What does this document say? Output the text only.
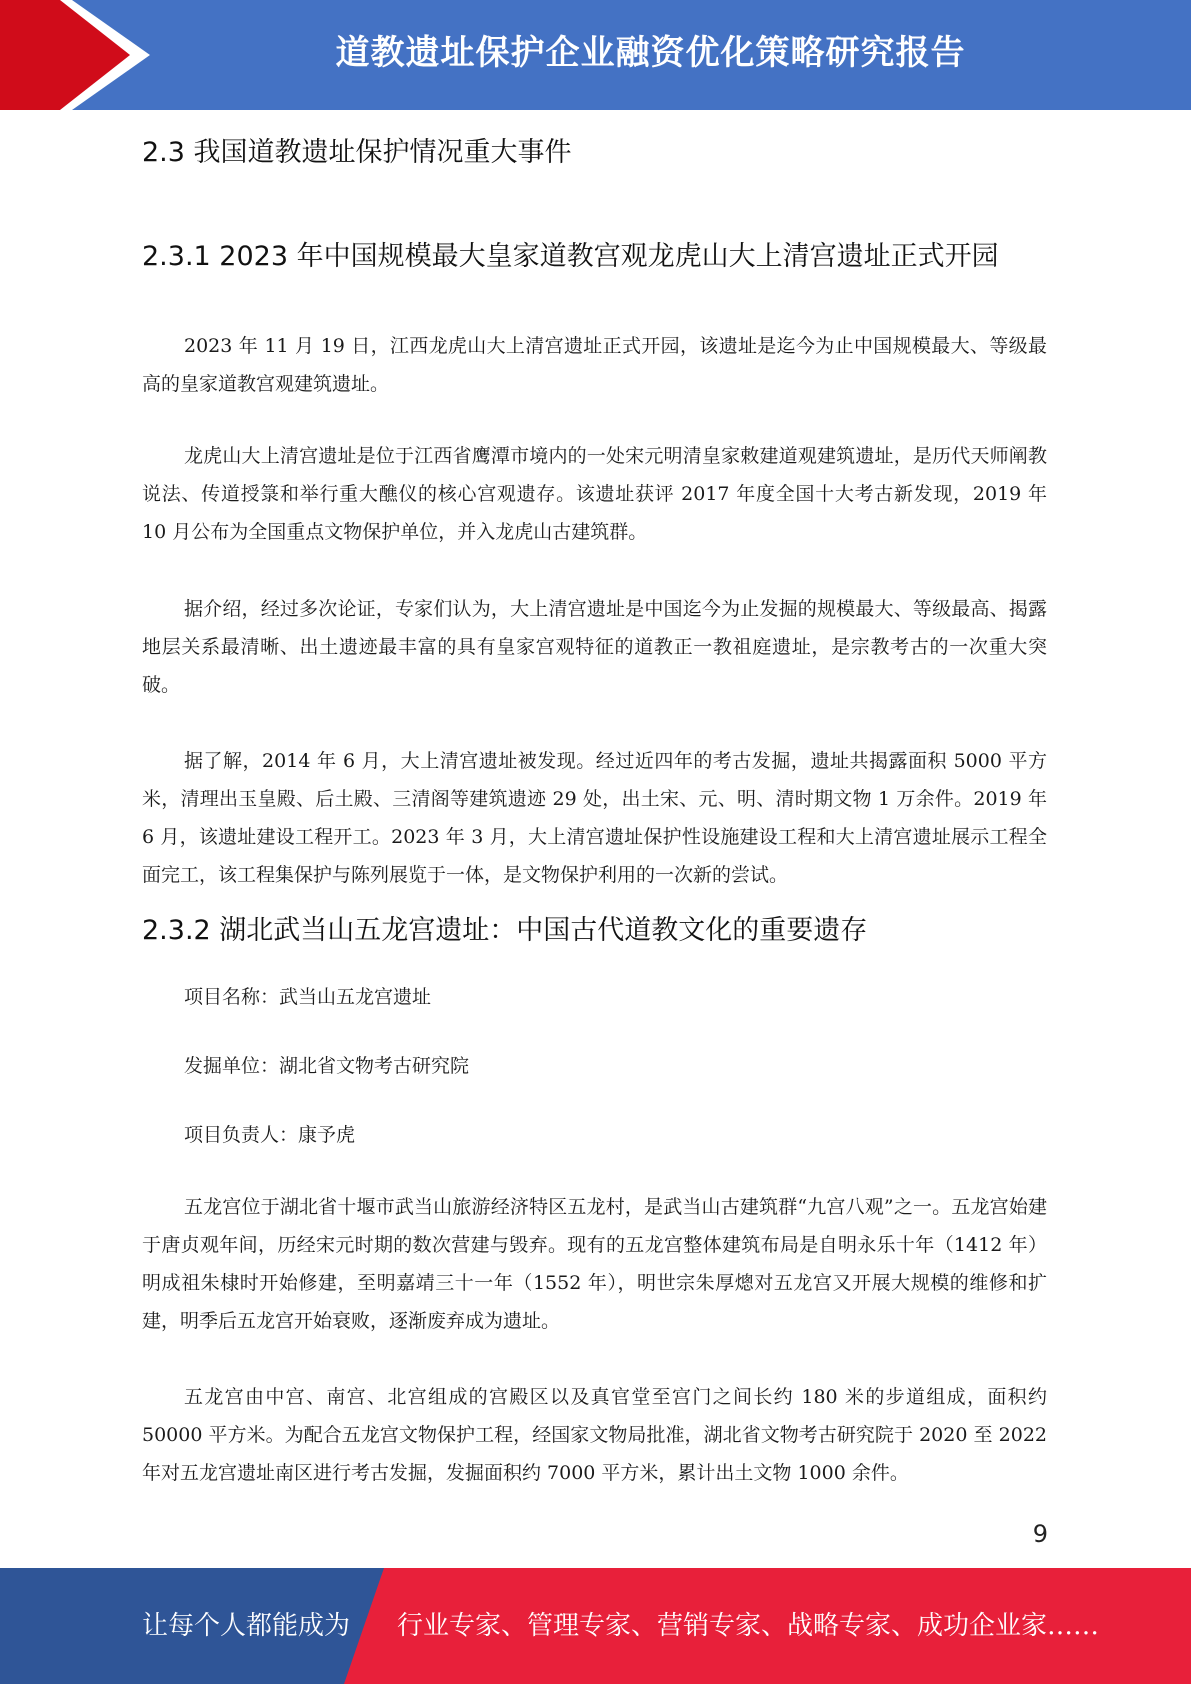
道教遗址保护企业融资优化策略研究报告
2.3 我国道教遗址保护情况重大事件
2.3.1 2023 年中国规模最大皇家道教宫观龙虎山大上清宫遗址正式开园

2023 年 11 月 19 日，江西龙虎山大上清宫遗址正式开园，该遗址是迄今为止中国规模最大、等级最高的皇家道教宫观建筑遗址。

龙虎山大上清宫遗址是位于江西省鹰潭市境内的一处宋元明清皇家敕建道观建筑遗址，是历代天师阐教说法、传道授箓和举行重大醮仪的核心宫观遗存。该遗址获评 2017 年度全国十大考古新发现，2019 年 10 月公布为全国重点文物保护单位，并入龙虎山古建筑群。

据介绍，经过多次论证，专家们认为，大上清宫遗址是中国迄今为止发掘的规模最大、等级最高、揭露地层关系最清晰、出土遗迹最丰富的具有皇家宫观特征的道教正一教祖庭遗址，是宗教考古的一次重大突破。

据了解，2014 年 6 月，大上清宫遗址被发现。经过近四年的考古发掘，遗址共揭露面积 5000 平方米，清理出玉皇殿、后土殿、三清阁等建筑遗迹 29 处，出土宋、元、明、清时期文物 1 万余件。2019 年 6 月，该遗址建设工程开工。2023 年 3 月，大上清宫遗址保护性设施建设工程和大上清宫遗址展示工程全面完工，该工程集保护与陈列展览于一体，是文物保护利用的一次新的尝试。

2.3.2 湖北武当山五龙宫遗址：中国古代道教文化的重要遗存

项目名称：武当山五龙宫遗址

发掘单位：湖北省文物考古研究院

项目负责人：康予虎

五龙宫位于湖北省十堰市武当山旅游经济特区五龙村，是武当山古建筑群“九宫八观”之一。五龙宫始建于唐贞观年间，历经宋元时期的数次营建与毁弃。现有的五龙宫整体建筑布局是自明永乐十年（1412 年）明成祖朱棣时开始修建，至明嘉靖三十一年（1552 年），明世宗朱厚熜对五龙宫又开展大规模的维修和扩建，明季后五龙宫开始衰败，逐渐废弃成为遗址。

五龙宫由中宫、南宫、北宫组成的宫殿区以及真官堂至宫门之间长约 180 米的步道组成，面积约 50000 平方米。为配合五龙宫文物保护工程，经国家文物局批准，湖北省文物考古研究院于 2020 至 2022 年对五龙宫遗址南区进行考古发掘，发掘面积约 7000 平方米，累计出土文物 1000 余件。

9
让每个人都能成为 行业专家、管理专家、营销专家、战略专家、成功企业家……
